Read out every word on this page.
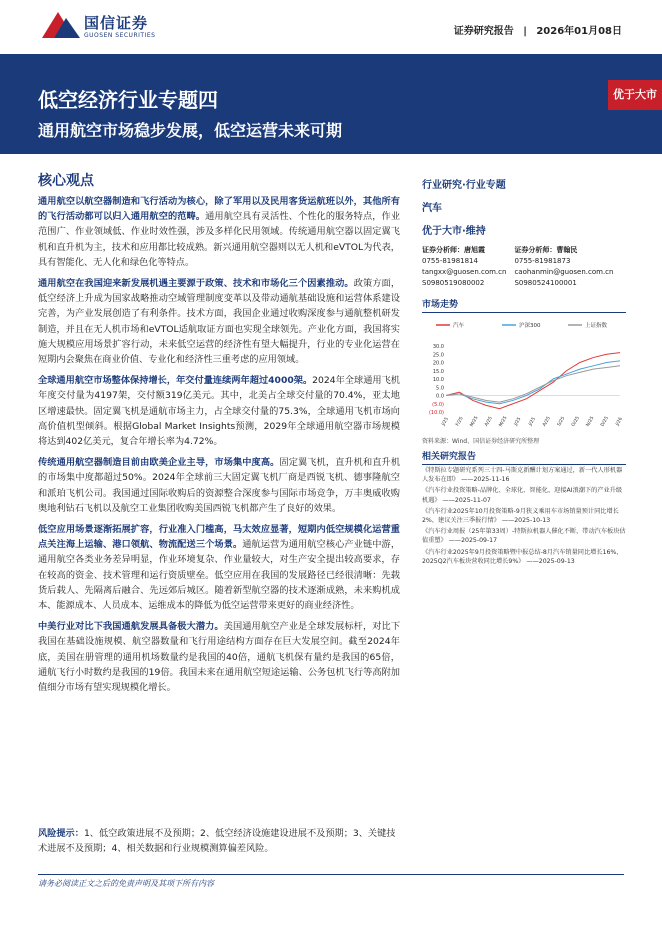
国信证券
GUOSEN SECURITIES	证券研究报告 | 2026年01月08日
低空经济行业专题四
通用航空市场稳步发展，低空运营未来可期
优于大市
核心观点

通用航空以航空器制造和飞行活动为核心，除了军用以及民用客货运航班以外，其他所有的飞行活动都可以归入通用航空的范畴。通用航空具有灵活性、个性化的服务特点，作业范围广、作业领域低、作业时效性强，涉及多样化民用领域。传统通用航空器以固定翼飞机和直升机为主，技术和应用都比较成熟。新兴通用航空器则以无人机和eVTOL为代表，具有智能化、无人化和绿色化等特点。

通用航空在我国迎来新发展机遇主要源于政策、技术和市场化三个因素推动。政策方面，低空经济上升成为国家战略推动空域管理制度变革以及带动通航基础设施和运营体系建设完善，为产业发展创造了有利条件。技术方面，我国企业通过收购深度参与通航整机研发制造，并且在无人机市场和eVTOL适航取证方面也实现全球领先。产业化方面，我国将实施大规模应用场景扩容行动，未来低空运营的经济性有望大幅提升，行业的专业化运营在短期内会聚焦在商业价值、专业化和经济性三重考虑的应用领域。

全球通用航空市场整体保持增长，年交付量连续两年超过4000架。2024年全球通用飞机年度交付量为4197架，交付额319亿美元。其中，北美占全球交付量的70.4%，亚太地区增速最快。固定翼飞机是通航市场主力，占全球交付量的75.3%，全球通用飞机市场向高价值机型倾斜。根据Global Market Insights预测，2029年全球通用航空器市场规模将达到402亿美元，复合年增长率为4.72%。

传统通用航空器制造目前由欧美企业主导，市场集中度高。固定翼飞机，直升机和直升机的市场集中度都超过50%。2024年全球前三大固定翼飞机厂商是西锐飞机、德事隆航空和派珀飞机公司。我国通过国际收购后的资源整合深度参与国际市场竞争，万丰奥威收购奥地利钻石飞机以及航空工业集团收购美国西锐飞机都产生了良好的效果。

低空应用场景逐渐拓展扩容，行业准入门槛高，马太效应显著，短期内低空规模化运营重点关注海上运输、港口领航、物流配送三个场景。通航运营为通用航空核心产业链中游，通用航空各类业务差异明显，作业环境复杂、作业量较大，对生产安全提出较高要求，存在较高的资金、技术管理和运行资质壁垒。低空应用在我国的发展路径已经很清晰：先载货后载人、先隔离后融合、先远郊后城区。随着新型航空器的技术逐渐成熟，未来购机成本、能源成本、人员成本、运维成本的降低为低空运营带来更好的商业经济性。

中美行业对比下我国通航发展具备极大潜力。美国通用航空产业是全球发展标杆，对比下我国在基础设施规模、航空器数量和飞行用途结构方面存在巨大发展空间。截至2024年底，美国在册管理的通用机场数量约是我国的40倍，通航飞机保有量约是我国的65倍，通航飞行小时数约是我国的19倍。我国未来在通用航空短途运输、公务包机飞行等高附加值细分市场有望实现规模化增长。

风险提示：1、低空政策进展不及预期；2、低空经济设施建设进展不及预期；3、关键技术进展不及预期；4、相关数据和行业规模测算偏差风险。
行业研究·行业专题
汽车
优于大市·维持
证券分析师：唐旭霞
0755-81981814
tangxx@guosen.com.cn
S0980519080002
证券分析师：曹翰民
0755-81981873
caohanmin@guosen.com.cn
S0980524100001
市场走势
汽车	沪深300	上证指数
30.0
25.0
20.0
15.0
10.0
5.0
0.0
(5.0)
(10.0)
J/25 F/25 M/25 A/25 M/25	J/25	J/25 A/25 S/25 O/25 N/25 D/25	J/26
资料来源：Wind、国信证券经济研究所整理
相关研究报告

《特斯拉专题研究系列三十四-马斯克新酬计划方案通过，新一代人形机器人发布在即》 ——2025-11-16

《汽车行业投资策略-品牌化、全球化、智能化，迎接AI浪潮下的产业升级机遇》 ——2025-11-07

《汽车行业2025年10月投资策略-9月狭义乘用车市场销量预计同比增长2%，建议关注三季报行情》 ——2025-10-13

《汽车行业周报（25年第33周）-特斯拉机器人催化不断，带动汽车板块估值重塑》 ——2025-09-17

《汽车行业2025年9月投资策略暨中报总结-8月汽车销量同比增长16%，2025Q2汽车板块营收同比增长9%》 ——2025-09-13

请务必阅读正文之后的免责声明及其项下所有内容
